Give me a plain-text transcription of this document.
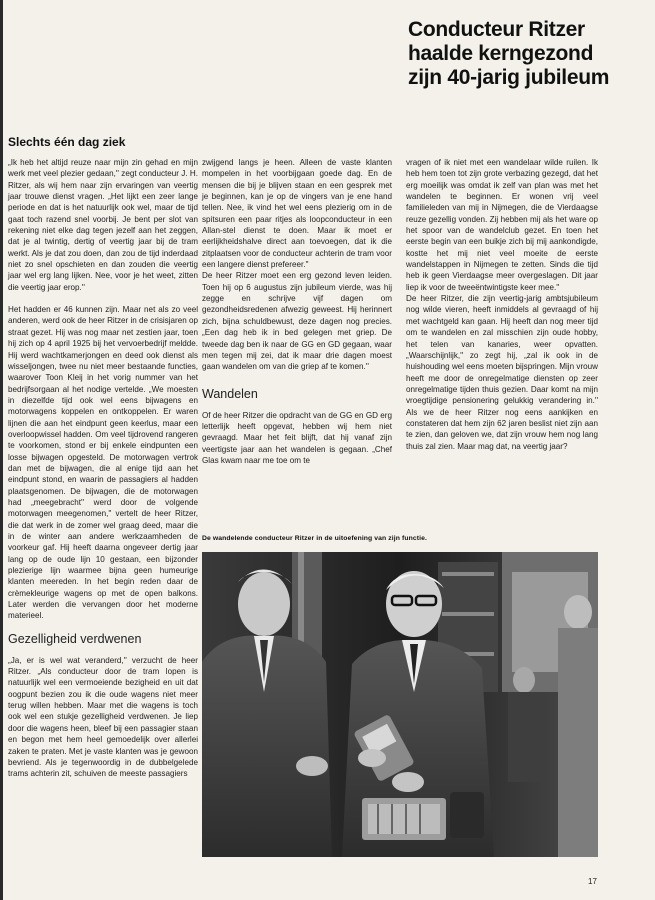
Conducteur Ritzer
haalde kerngezond
zijn 40-jarig jubileum
Slechts één dag ziek

„Ik heb het altijd reuze naar mijn zin gehad en mijn werk met veel plezier gedaan,'' zegt conducteur J. H. Ritzer, als wij hem naar zijn ervaringen van veertig jaar trouwe dienst vragen. „Het lijkt een zeer lange periode en dat is het natuurlijk ook wel, maar de tijd gaat toch razend snel voorbij. Je bent per slot van rekening niet elke dag tegen jezelf aan het zeggen, dat je al twintig, dertig of veertig jaar bij de tram werkt. Als je dat zou doen, dan zou de tijd inderdaad niet zo snel opschieten en dan zouden die veertig jaar wel erg lang lijken. Nee, voor je het weet, zitten die veertig jaar erop.''

Het hadden er 46 kunnen zijn. Maar net als zo veel anderen, werd ook de heer Ritzer in de crisisjaren op straat gezet. Hij was nog maar net zestien jaar, toen hij zich op 4 april 1925 bij het vervoerbedrijf meldde. Hij werd wachtkamerjongen en deed ook dienst als wisseljongen, twee nu niet meer bestaande functies, waarover Toon Kleij in het vorig nummer van het bedrijfsorgaan al het nodige vertelde. „We moesten in diezelfde tijd ook wel eens bijwagens en motorwagens koppelen en ontkoppelen. Er waren lijnen die aan het eindpunt geen keerlus, maar een overloopwissel hadden. Om veel tijdrovend rangeren te voorkomen, stond er bij enkele eindpunten een losse bijwagen opgesteld. De motorwagen vertrok dan met de bijwagen, die al enige tijd aan het eindpunt stond, en waarin de passagiers al hadden plaatsgenomen. De bijwagen, die de motorwagen had „meegebracht'' werd door de volgende motorwagen meegenomen,'' vertelt de heer Ritzer, die dat werk in de zomer wel graag deed, maar die in de winter aan andere werkzaamheden de voorkeur gaf. Hij heeft daarna ongeveer dertig jaar lang op de oude lijn 10 gestaan, een bijzonder plezierige lijn waarmee bijna geen humeurige klanten meereden. In het begin reden daar de crèmekleurige wagens op met de open balkons. Later werden die vervangen door het moderne materieel.

Gezelligheid verdwenen

„Ja, er is wel wat veranderd,'' verzucht de heer Ritzer. „Als conducteur door de tram lopen is natuurlijk wel een vermoeiende bezigheid en uit dat oogpunt bezien zou ik die oude wagens niet meer terug willen hebben. Maar met die wagens is toch ook wel een stukje gezelligheid verdwenen. Je liep door die wagens heen, bleef bij een passagier staan en begon met hem heel gemoedelijk over allerlei zaken te praten. Met je vaste klanten was je gewoon bevriend. Als je tegenwoordig in de dubbelgelede trams achterin zit, schuiven de meeste passagiers

zwijgend langs je heen. Alleen de vaste klanten mompelen in het voorbijgaan goede dag. En de mensen die bij je blijven staan en een gesprek met je beginnen, kan je op de vingers van je ene hand tellen. Nee, ik vind het wel eens plezierig om in de spitsuren een paar ritjes als loopconducteur in een Allan-stel dienst te doen. Maar ik moet er eerlijkheidshalve direct aan toevoegen, dat ik die zitplaatsen voor de conducteur achterin de tram voor een langere dienst prefereer.''

De heer Ritzer moet een erg gezond leven leiden. Toen hij op 6 augustus zijn jubileum vierde, was hij zegge en schrijve vijf dagen om gezondheidsredenen afwezig geweest. Hij herinnert zich, bijna schuldbewust, deze dagen nog precies. „Een dag heb ik in bed gelegen met griep. De tweede dag ben ik naar de GG en GD gegaan, waar men tegen mij zei, dat ik maar drie dagen moest gaan wandelen om van die griep af te komen.''

Wandelen

Of de heer Ritzer die opdracht van de GG en GD erg letterlijk heeft opgevat, hebben wij hem niet gevraagd. Maar het feit blijft, dat hij vanaf zijn veertigste jaar aan het wandelen is gegaan. „Chef Glas kwam naar me toe om te

vragen of ik niet met een wandelaar wilde ruilen. Ik heb hem toen tot zijn grote verbazing gezegd, dat het erg moeilijk was omdat ik zelf van plan was met het wandelen te beginnen. Er wonen vrij veel familieleden van mij in Nijmegen, die de Vierdaagse reuze gezellig vonden. Zij hebben mij als het ware op het spoor van de wandelclub gezet. En toen het eerste begin van een buikje zich bij mij aankondigde, kostte het mij niet veel moeite de eerste wandelstappen in Nijmegen te zetten. Sinds die tijd heb ik geen Vierdaagse meer overgeslagen. Dit jaar liep ik voor de tweeëntwintigste keer mee.''

De heer Ritzer, die zijn veertig-jarig ambtsjubileum nog wilde vieren, heeft inmiddels al gevraagd of hij met wachtgeld kan gaan. Hij heeft dan nog meer tijd om te wandelen en zal misschien zijn oude hobby, het telen van kanaries, weer opvatten. „Waarschijnlijk,'' zo zegt hij, „zal ik ook in de huishouding wel eens moeten bijspringen. Mijn vrouw heeft me door de onregelmatige diensten op zeer onregelmatige tijden thuis gezien. Daar komt na mijn vroegtijdige pensionering gelukkig verandering in.'' Als we de heer Ritzer nog eens aankijken en constateren dat hem zijn 62 jaren beslist niet zijn aan te zien, dan geloven we, dat zijn vrouw hem nog lang thuis zal zien. Maar mag dat, na veertig jaar?

De wandelende conducteur Ritzer in de uitoefening van zijn functie.
17
